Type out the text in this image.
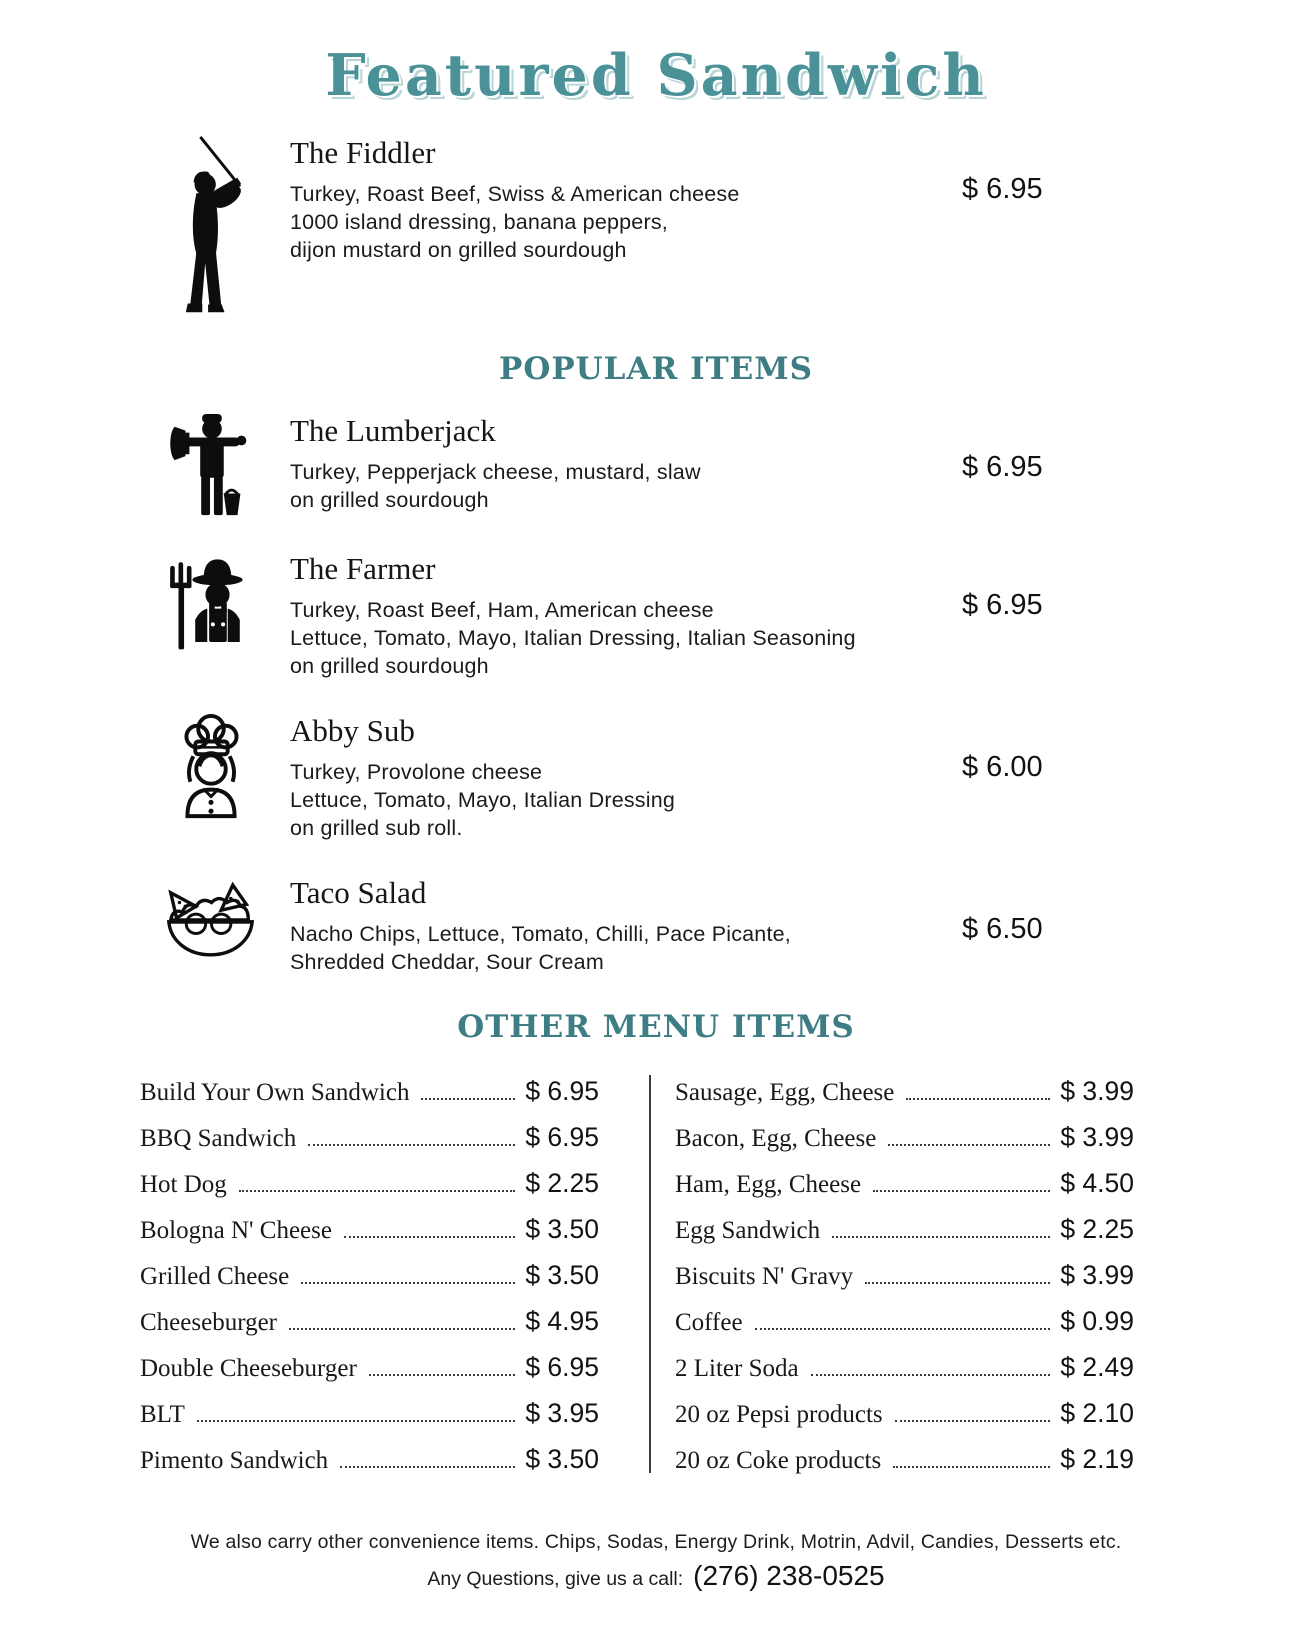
Featured Sandwich
The Fiddler

Turkey, Roast Beef, Swiss & American cheese

1000 island dressing, banana peppers,

dijon mustard on grilled sourdough

$ 6.95
POPULAR ITEMS
The Lumberjack

Turkey, Pepperjack cheese, mustard, slaw

on grilled sourdough

$ 6.95
The Farmer

Turkey, Roast Beef, Ham, American cheese

Lettuce, Tomato, Mayo, Italian Dressing, Italian Seasoning

on grilled sourdough

$ 6.95
Abby Sub

Turkey, Provolone cheese

Lettuce, Tomato, Mayo, Italian Dressing

on grilled sub roll.

$ 6.00
Taco Salad

Nacho Chips, Lettuce, Tomato, Chilli, Pace Picante,

Shredded Cheddar, Sour Cream

$ 6.50
OTHER MENU ITEMS
Build Your Own Sandwich	$ 6.95
BBQ Sandwich	$ 6.95
Hot Dog	$ 2.25
Bologna N' Cheese	$ 3.50
Grilled Cheese	$ 3.50
Cheeseburger	$ 4.95
Double Cheeseburger	$ 6.95
BLT	$ 3.95
Pimento Sandwich	$ 3.50
Sausage, Egg, Cheese	$ 3.99
Bacon, Egg, Cheese	$ 3.99
Ham, Egg, Cheese	$ 4.50
Egg Sandwich	$ 2.25
Biscuits N' Gravy	$ 3.99
Coffee	$ 0.99
2 Liter Soda	$ 2.49
20 oz Pepsi products	$ 2.10
20 oz Coke products	$ 2.19

We also carry other convenience items. Chips, Sodas, Energy Drink, Motrin, Advil, Candies, Desserts etc.

Any Questions, give us a call: (276) 238-0525
